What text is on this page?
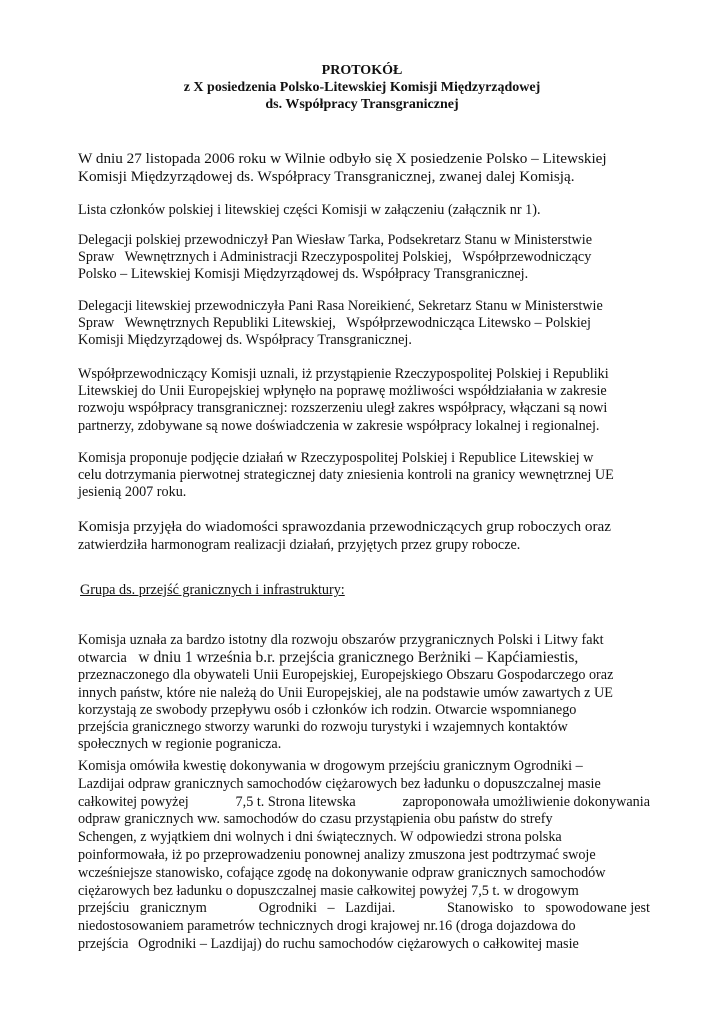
PROTOKÓŁ
z X posiedzenia Polsko-Litewskiej Komisji Międzyrządowej
ds. Współpracy Transgranicznej
W dniu 27 listopada 2006 roku w Wilnie odbyło się X posiedzenie Polsko – Litewskiej
Komisji Międzyrządowej ds. Współpracy Transgranicznej, zwanej dalej Komisją.
Lista członków polskiej i litewskiej części Komisji w załączeniu (załącznik nr 1).
Delegacji polskiej przewodniczył Pan Wiesław Tarka, Podsekretarz Stanu w Ministerstwie
Spraw   Wewnętrznych i Administracji Rzeczypospolitej Polskiej,   Współprzewodniczący
Polsko – Litewskiej Komisji Międzyrządowej ds. Współpracy Transgranicznej.
Delegacji litewskiej przewodniczyła Pani Rasa Noreikienć, Sekretarz Stanu w Ministerstwie
Spraw   Wewnętrznych Republiki Litewskiej,   Współprzewodnicząca Litewsko – Polskiej
Komisji Międzyrządowej ds. Współpracy Transgranicznej.
Współprzewodniczący Komisji uznali, iż przystąpienie Rzeczypospolitej Polskiej i Republiki
Litewskiej do Unii Europejskiej wpłynęło na poprawę możliwości współdziałania w zakresie
rozwoju współpracy transgranicznej: rozszerzeniu uległ zakres współpracy, włączani są nowi
partnerzy, zdobywane są nowe doświadczenia w zakresie współpracy lokalnej i regionalnej.
Komisja proponuje podjęcie działań w Rzeczypospolitej Polskiej i Republice Litewskiej w
celu dotrzymania pierwotnej strategicznej daty zniesienia kontroli na granicy wewnętrznej UE
jesienią 2007 roku.
Komisja przyjęła do wiadomości sprawozdania przewodniczących grup roboczych oraz
zatwierdziła harmonogram realizacji działań, przyjętych przez grupy robocze.
Grupa ds. przejść granicznych i infrastruktury:
Komisja uznała za bardzo istotny dla rozwoju obszarów przygranicznych Polski i Litwy fakt
otwarcia w dniu 1 września b.r. przejścia granicznego Berżniki – Kapćiamiestis,
przeznaczonego dla obywateli Unii Europejskiej, Europejskiego Obszaru Gospodarczego oraz
innych państw, które nie należą do Unii Europejskiej, ale na podstawie umów zawartych z UE
korzystają ze swobody przepływu osób i członków ich rodzin. Otwarcie wspomnianego
przejścia granicznego stworzy warunki do rozwoju turystyki i wzajemnych kontaktów
społecznych w regionie pogranicza.
Komisja omówiła kwestię dokonywania w drogowym przejściu granicznym Ogrodniki –
Lazdijai odpraw granicznych samochodów ciężarowych bez ładunku o dopuszczalnej masie
całkowitej powyżej	7,5 t. Strona litewska	zaproponowała umożliwienie dokonywania
odpraw granicznych ww. samochodów do czasu przystąpienia obu państw do strefy
Schengen, z wyjątkiem dni wolnych i dni świątecznych. W odpowiedzi strona polska
poinformowała, iż po przeprowadzeniu ponownej analizy zmuszona jest podtrzymać swoje
wcześniejsze stanowisko, cofające zgodę na dokonywanie odpraw granicznych samochodów
ciężarowych bez ładunku o dopuszczalnej masie całkowitej powyżej 7,5 t. w drogowym
przejściu   granicznym	Ogrodniki   –   Lazdijai.	Stanowisko   to   spowodowane jest
niedostosowaniem parametrów technicznych drogi krajowej nr.16 (droga dojazdowa do
przejścia Ogrodniki – Lazdijaj) do ruchu samochodów ciężarowych o całkowitej masie
